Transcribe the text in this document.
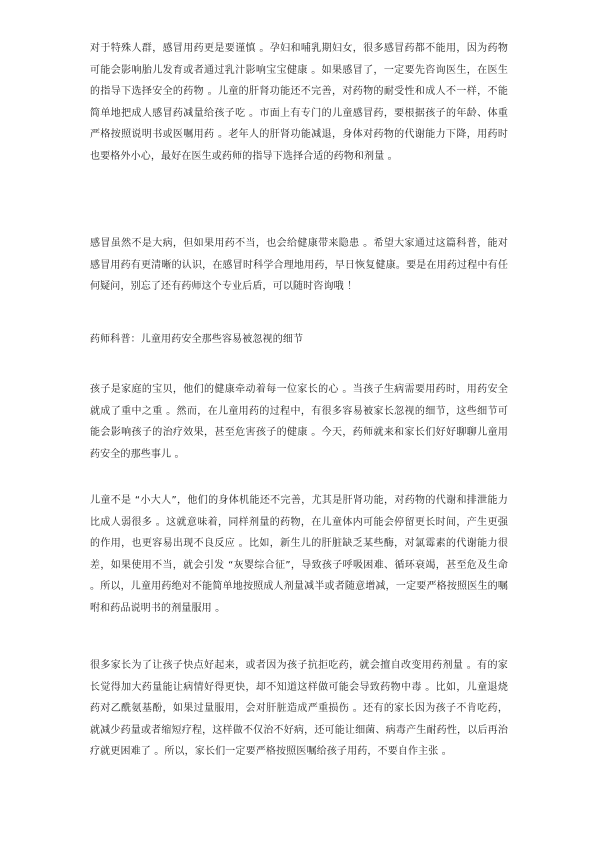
对于特殊人群，感冒用药更是要谨慎 。孕妇和哺乳期妇女，很多感冒药都不能用，因为药物可能会影响胎儿发育或者通过乳汁影响宝宝健康 。如果感冒了，一定要先咨询医生，在医生的指导下选择安全的药物 。儿童的肝肾功能还不完善，对药物的耐受性和成人不一样，不能简单地把成人感冒药减量给孩子吃 。市面上有专门的儿童感冒药，要根据孩子的年龄、体重严格按照说明书或医嘱用药 。老年人的肝肾功能减退，身体对药物的代谢能力下降，用药时也要格外小心，最好在医生或药师的指导下选择合适的药物和剂量 。

感冒虽然不是大病，但如果用药不当，也会给健康带来隐患 。希望大家通过这篇科普，能对感冒用药有更清晰的认识，在感冒时科学合理地用药，早日恢复健康。要是在用药过程中有任何疑问，别忘了还有药师这个专业后盾，可以随时咨询哦 ！

药师科普：儿童用药安全那些容易被忽视的细节

孩子是家庭的宝贝，他们的健康牵动着每一位家长的心 。当孩子生病需要用药时，用药安全就成了重中之重 。然而，在儿童用药的过程中，有很多容易被家长忽视的细节，这些细节可能会影响孩子的治疗效果，甚至危害孩子的健康 。今天，药师就来和家长们好好聊聊儿童用药安全的那些事儿 。

儿童不是 “小大人”，他们的身体机能还不完善，尤其是肝肾功能，对药物的代谢和排泄能力比成人弱很多 。这就意味着，同样剂量的药物，在儿童体内可能会停留更长时间，产生更强的作用，也更容易出现不良反应 。比如，新生儿的肝脏缺乏某些酶，对氯霉素的代谢能力很差，如果使用不当，就会引发 “灰婴综合征”，导致孩子呼吸困难、循环衰竭，甚至危及生命 。所以，儿童用药绝对不能简单地按照成人剂量减半或者随意增减，一定要严格按照医生的嘱咐和药品说明书的剂量服用 。

很多家长为了让孩子快点好起来，或者因为孩子抗拒吃药，就会擅自改变用药剂量 。有的家长觉得加大药量能让病情好得更快，却不知道这样做可能会导致药物中毒 。比如，儿童退烧药对乙酰氨基酚，如果过量服用，会对肝脏造成严重损伤 。还有的家长因为孩子不肯吃药，就减少药量或者缩短疗程，这样做不仅治不好病，还可能让细菌、病毒产生耐药性，以后再治疗就更困难了 。所以，家长们一定要严格按照医嘱给孩子用药，不要自作主张 。
